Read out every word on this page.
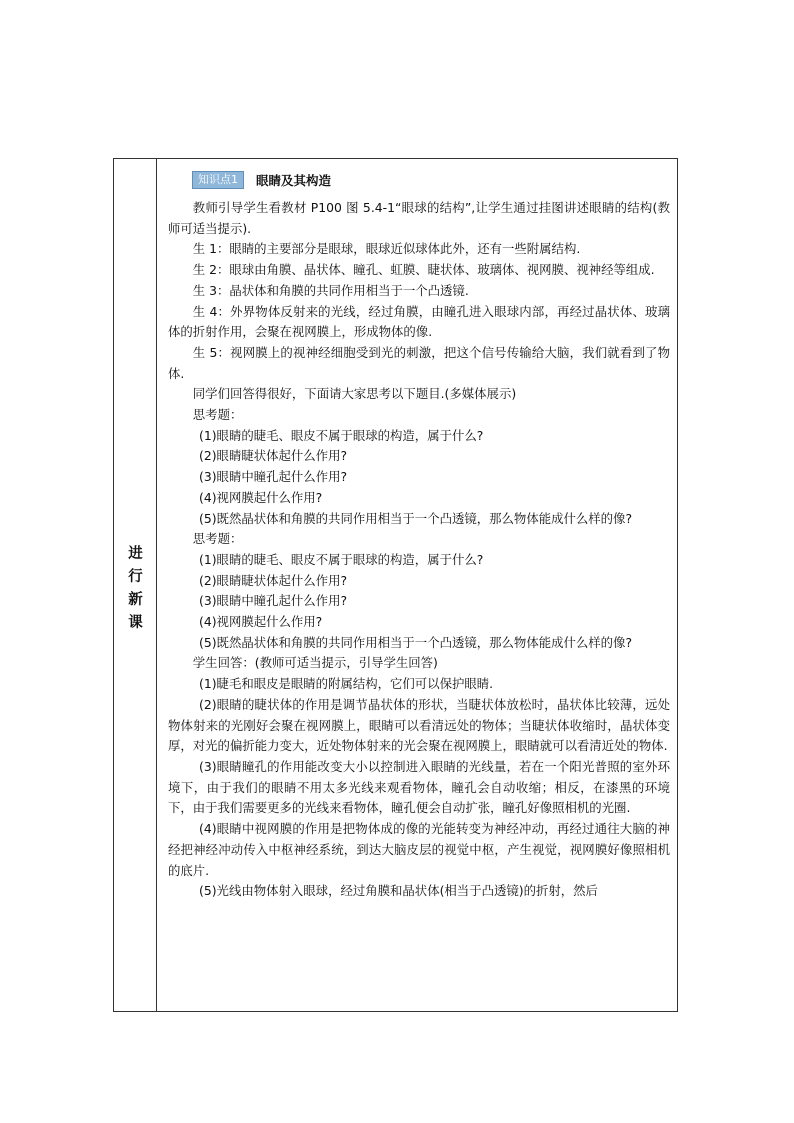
进
行
新
课
知识点1	眼睛及其构造

教师引导学生看教材 P100 图 5.4-1“眼球的结构”,让学生通过挂图讲述眼睛的结构(教师可适当提示).

生 1：眼睛的主要部分是眼球，眼球近似球体此外，还有一些附属结构.

生 2：眼球由角膜、晶状体、瞳孔、虹膜、睫状体、玻璃体、视网膜、视神经等组成.

生 3：晶状体和角膜的共同作用相当于一个凸透镜.

生 4：外界物体反射来的光线，经过角膜，由瞳孔进入眼球内部，再经过晶状体、玻璃体的折射作用，会聚在视网膜上，形成物体的像.

生 5：视网膜上的视神经细胞受到光的刺激，把这个信号传输给大脑，我们就看到了物体.

同学们回答得很好，下面请大家思考以下题目.(多媒体展示)

思考题：

(1)眼睛的睫毛、眼皮不属于眼球的构造，属于什么?

(2)眼睛睫状体起什么作用?

(3)眼睛中瞳孔起什么作用?

(4)视网膜起什么作用?

(5)既然晶状体和角膜的共同作用相当于一个凸透镜，那么物体能成什么样的像?

思考题：

(1)眼睛的睫毛、眼皮不属于眼球的构造，属于什么?

(2)眼睛睫状体起什么作用?

(3)眼睛中瞳孔起什么作用?

(4)视网膜起什么作用?

(5)既然晶状体和角膜的共同作用相当于一个凸透镜，那么物体能成什么样的像?

学生回答：(教师可适当提示，引导学生回答)

(1)睫毛和眼皮是眼睛的附属结构，它们可以保护眼睛.

(2)眼睛的睫状体的作用是调节晶状体的形状，当睫状体放松时，晶状体比较薄，远处物体射来的光刚好会聚在视网膜上，眼睛可以看清远处的物体；当睫状体收缩时，晶状体变厚，对光的偏折能力变大，近处物体射来的光会聚在视网膜上，眼睛就可以看清近处的物体.

(3)眼睛瞳孔的作用能改变大小以控制进入眼睛的光线量，若在一个阳光普照的室外环境下，由于我们的眼睛不用太多光线来观看物体，瞳孔会自动收缩；相反，在漆黑的环境下，由于我们需要更多的光线来看物体，瞳孔便会自动扩张，瞳孔好像照相机的光圈.

(4)眼睛中视网膜的作用是把物体成的像的光能转变为神经冲动，再经过通往大脑的神经把神经冲动传入中枢神经系统，到达大脑皮层的视觉中枢，产生视觉，视网膜好像照相机的底片.

(5)光线由物体射入眼球，经过角膜和晶状体(相当于凸透镜)的折射，然后
